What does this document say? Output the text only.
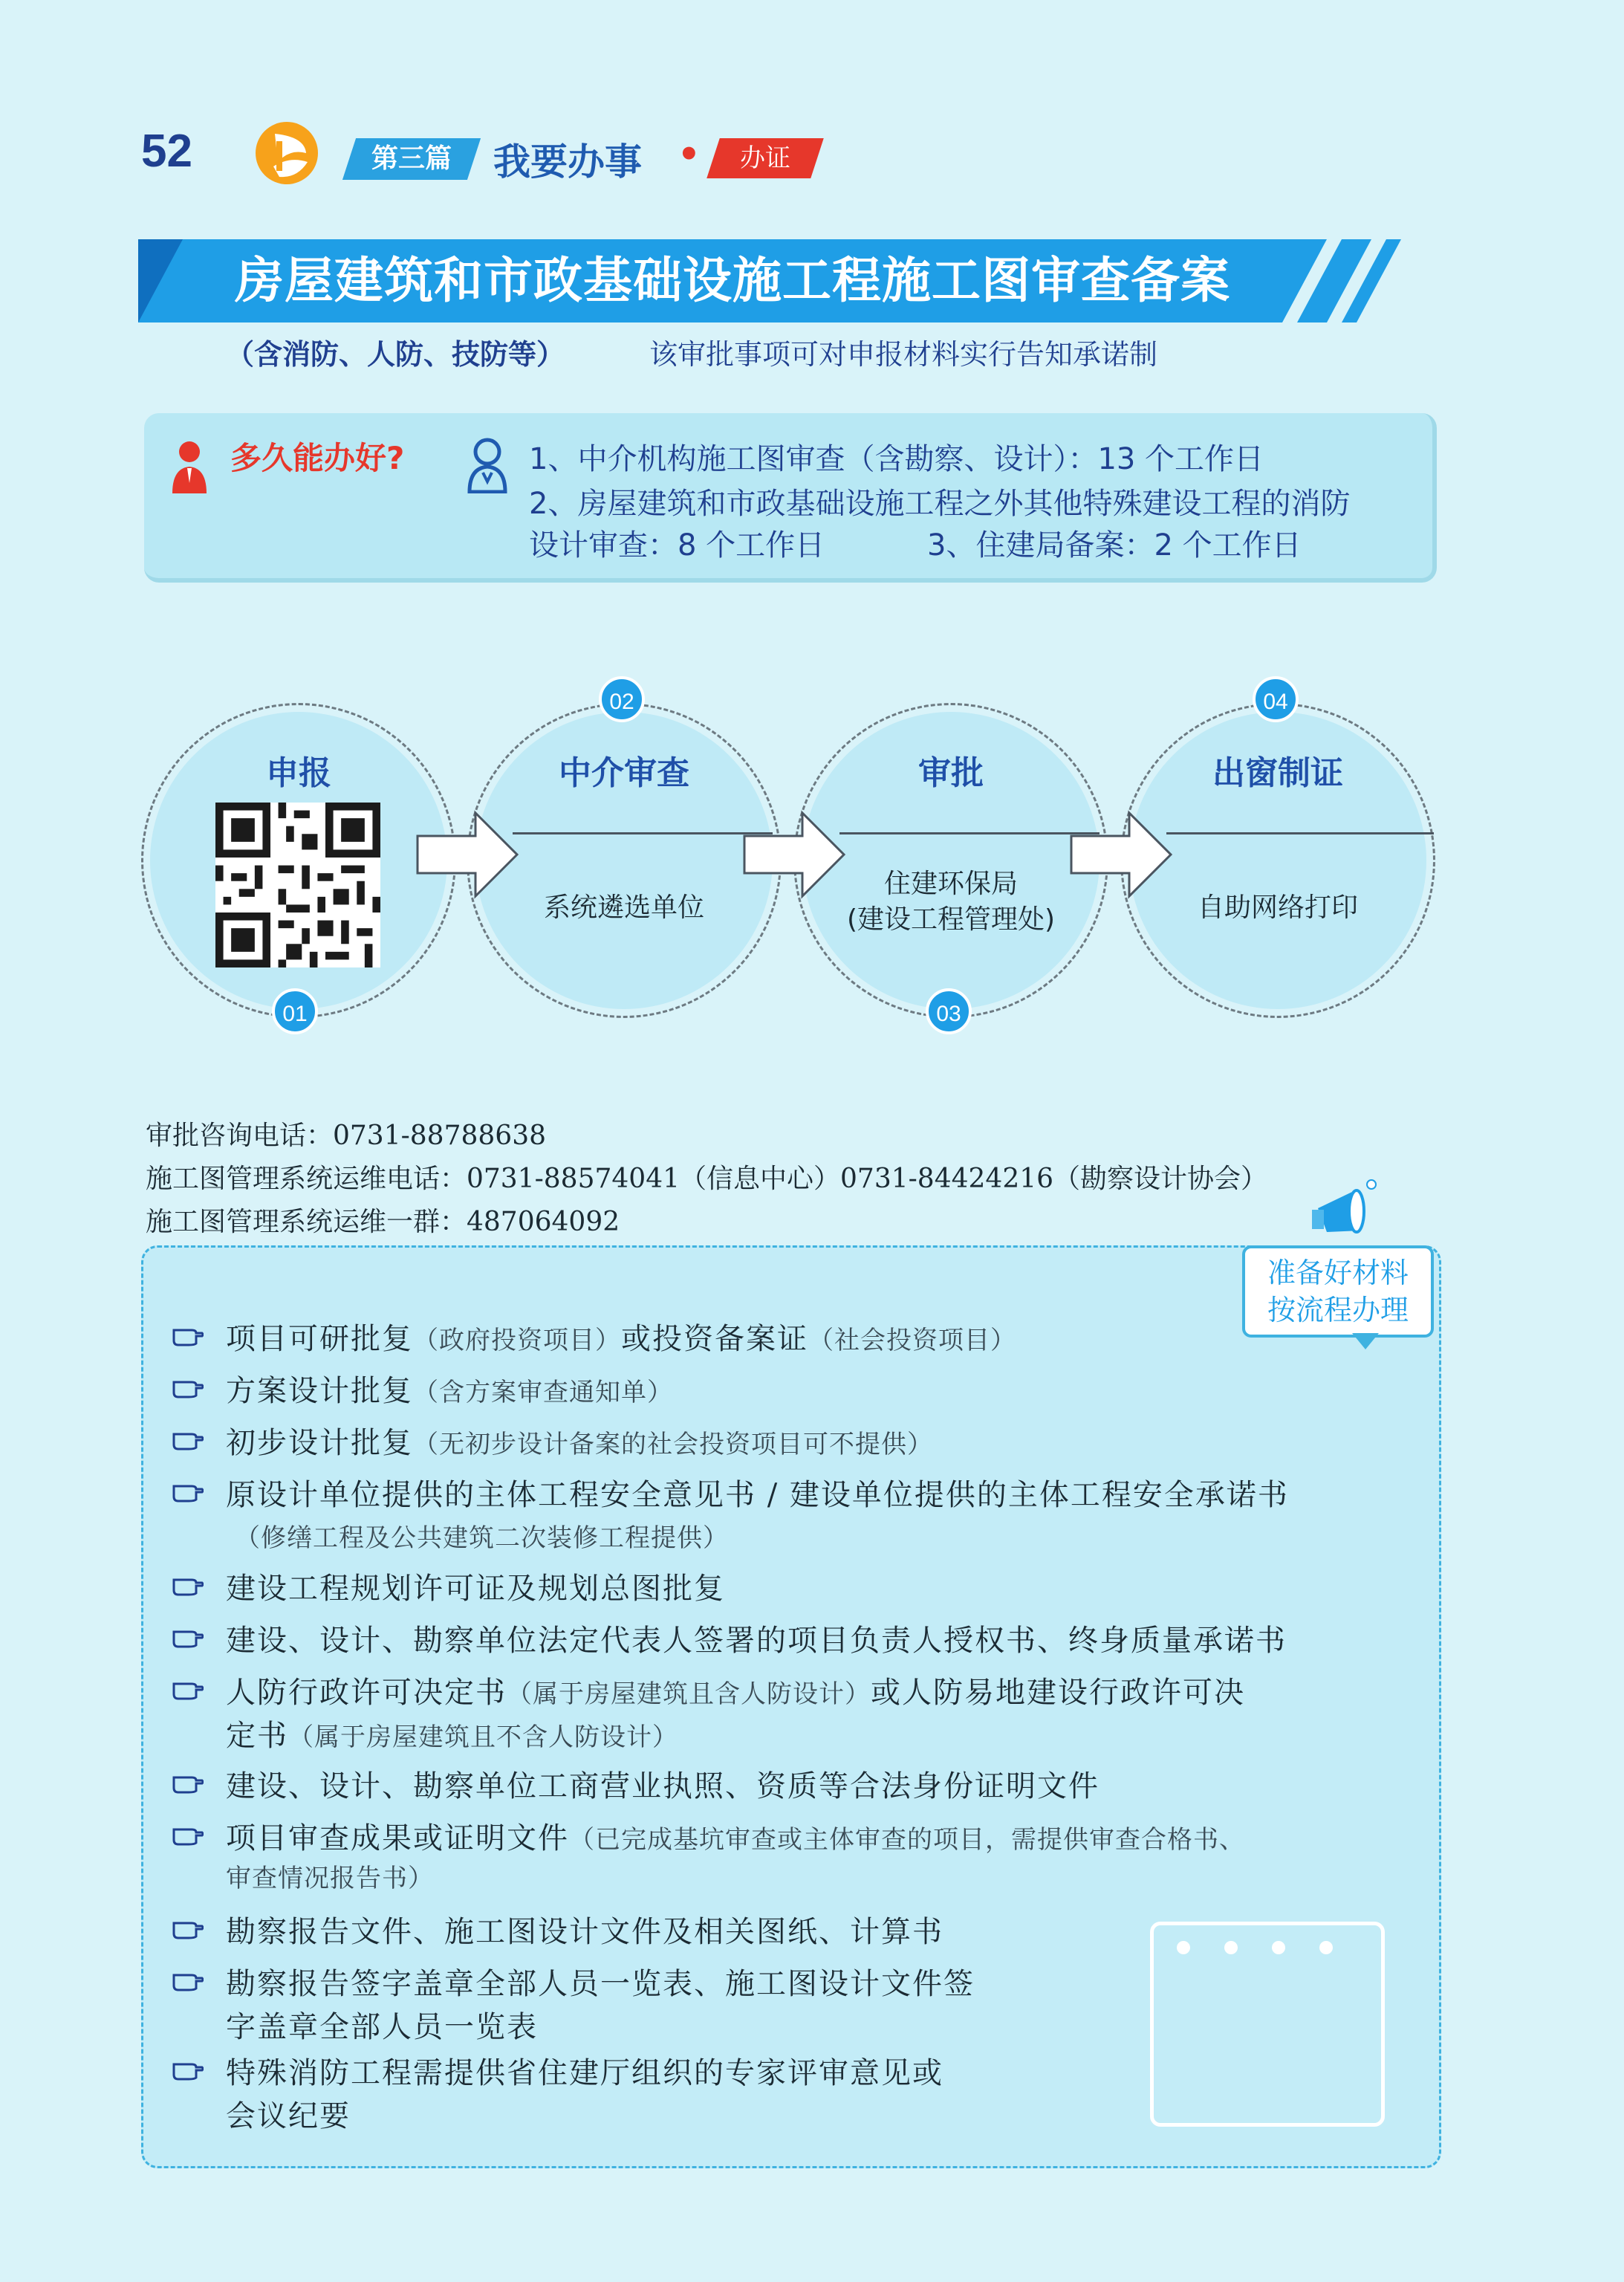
52	第三篇	我要办事 •	办证
房屋建筑和市政基础设施工程施工图审查备案
（含消防、人防、技防等）	该审批事项可对申报材料实行告知承诺制
多久能办好?	1、中介机构施工图审查（含勘察、设计）：13 个工作日
2、房屋建筑和市政基础设施工程之外其他特殊建设工程的消防
设计审查：8 个工作日	3、住建局备案：2 个工作日
申报
01
中介审查
系统遴选单位
02
审批
住建环保局
(建设工程管理处)
03
出窗制证
自助网络打印
04
审批咨询电话：0731-88788638
施工图管理系统运维电话：0731-88574041（信息中心）0731-84424216（勘察设计协会）
施工图管理系统运维一群：487064092
准备好材料
按流程办理
项目可研批复（政府投资项目）或投资备案证（社会投资项目）
方案设计批复（含方案审查通知单）
初步设计批复（无初步设计备案的社会投资项目可不提供）
原设计单位提供的主体工程安全意见书 / 建设单位提供的主体工程安全承诺书
（修缮工程及公共建筑二次装修工程提供）
建设工程规划许可证及规划总图批复
建设、设计、勘察单位法定代表人签署的项目负责人授权书、终身质量承诺书
人防行政许可决定书（属于房屋建筑且含人防设计）或人防易地建设行政许可决
定书（属于房屋建筑且不含人防设计）
建设、设计、勘察单位工商营业执照、资质等合法身份证明文件
项目审查成果或证明文件（已完成基坑审查或主体审查的项目，需提供审查合格书、
审查情况报告书）
勘察报告文件、施工图设计文件及相关图纸、计算书
勘察报告签字盖章全部人员一览表、施工图设计文件签
字盖章全部人员一览表
特殊消防工程需提供省住建厅组织的专家评审意见或
会议纪要
